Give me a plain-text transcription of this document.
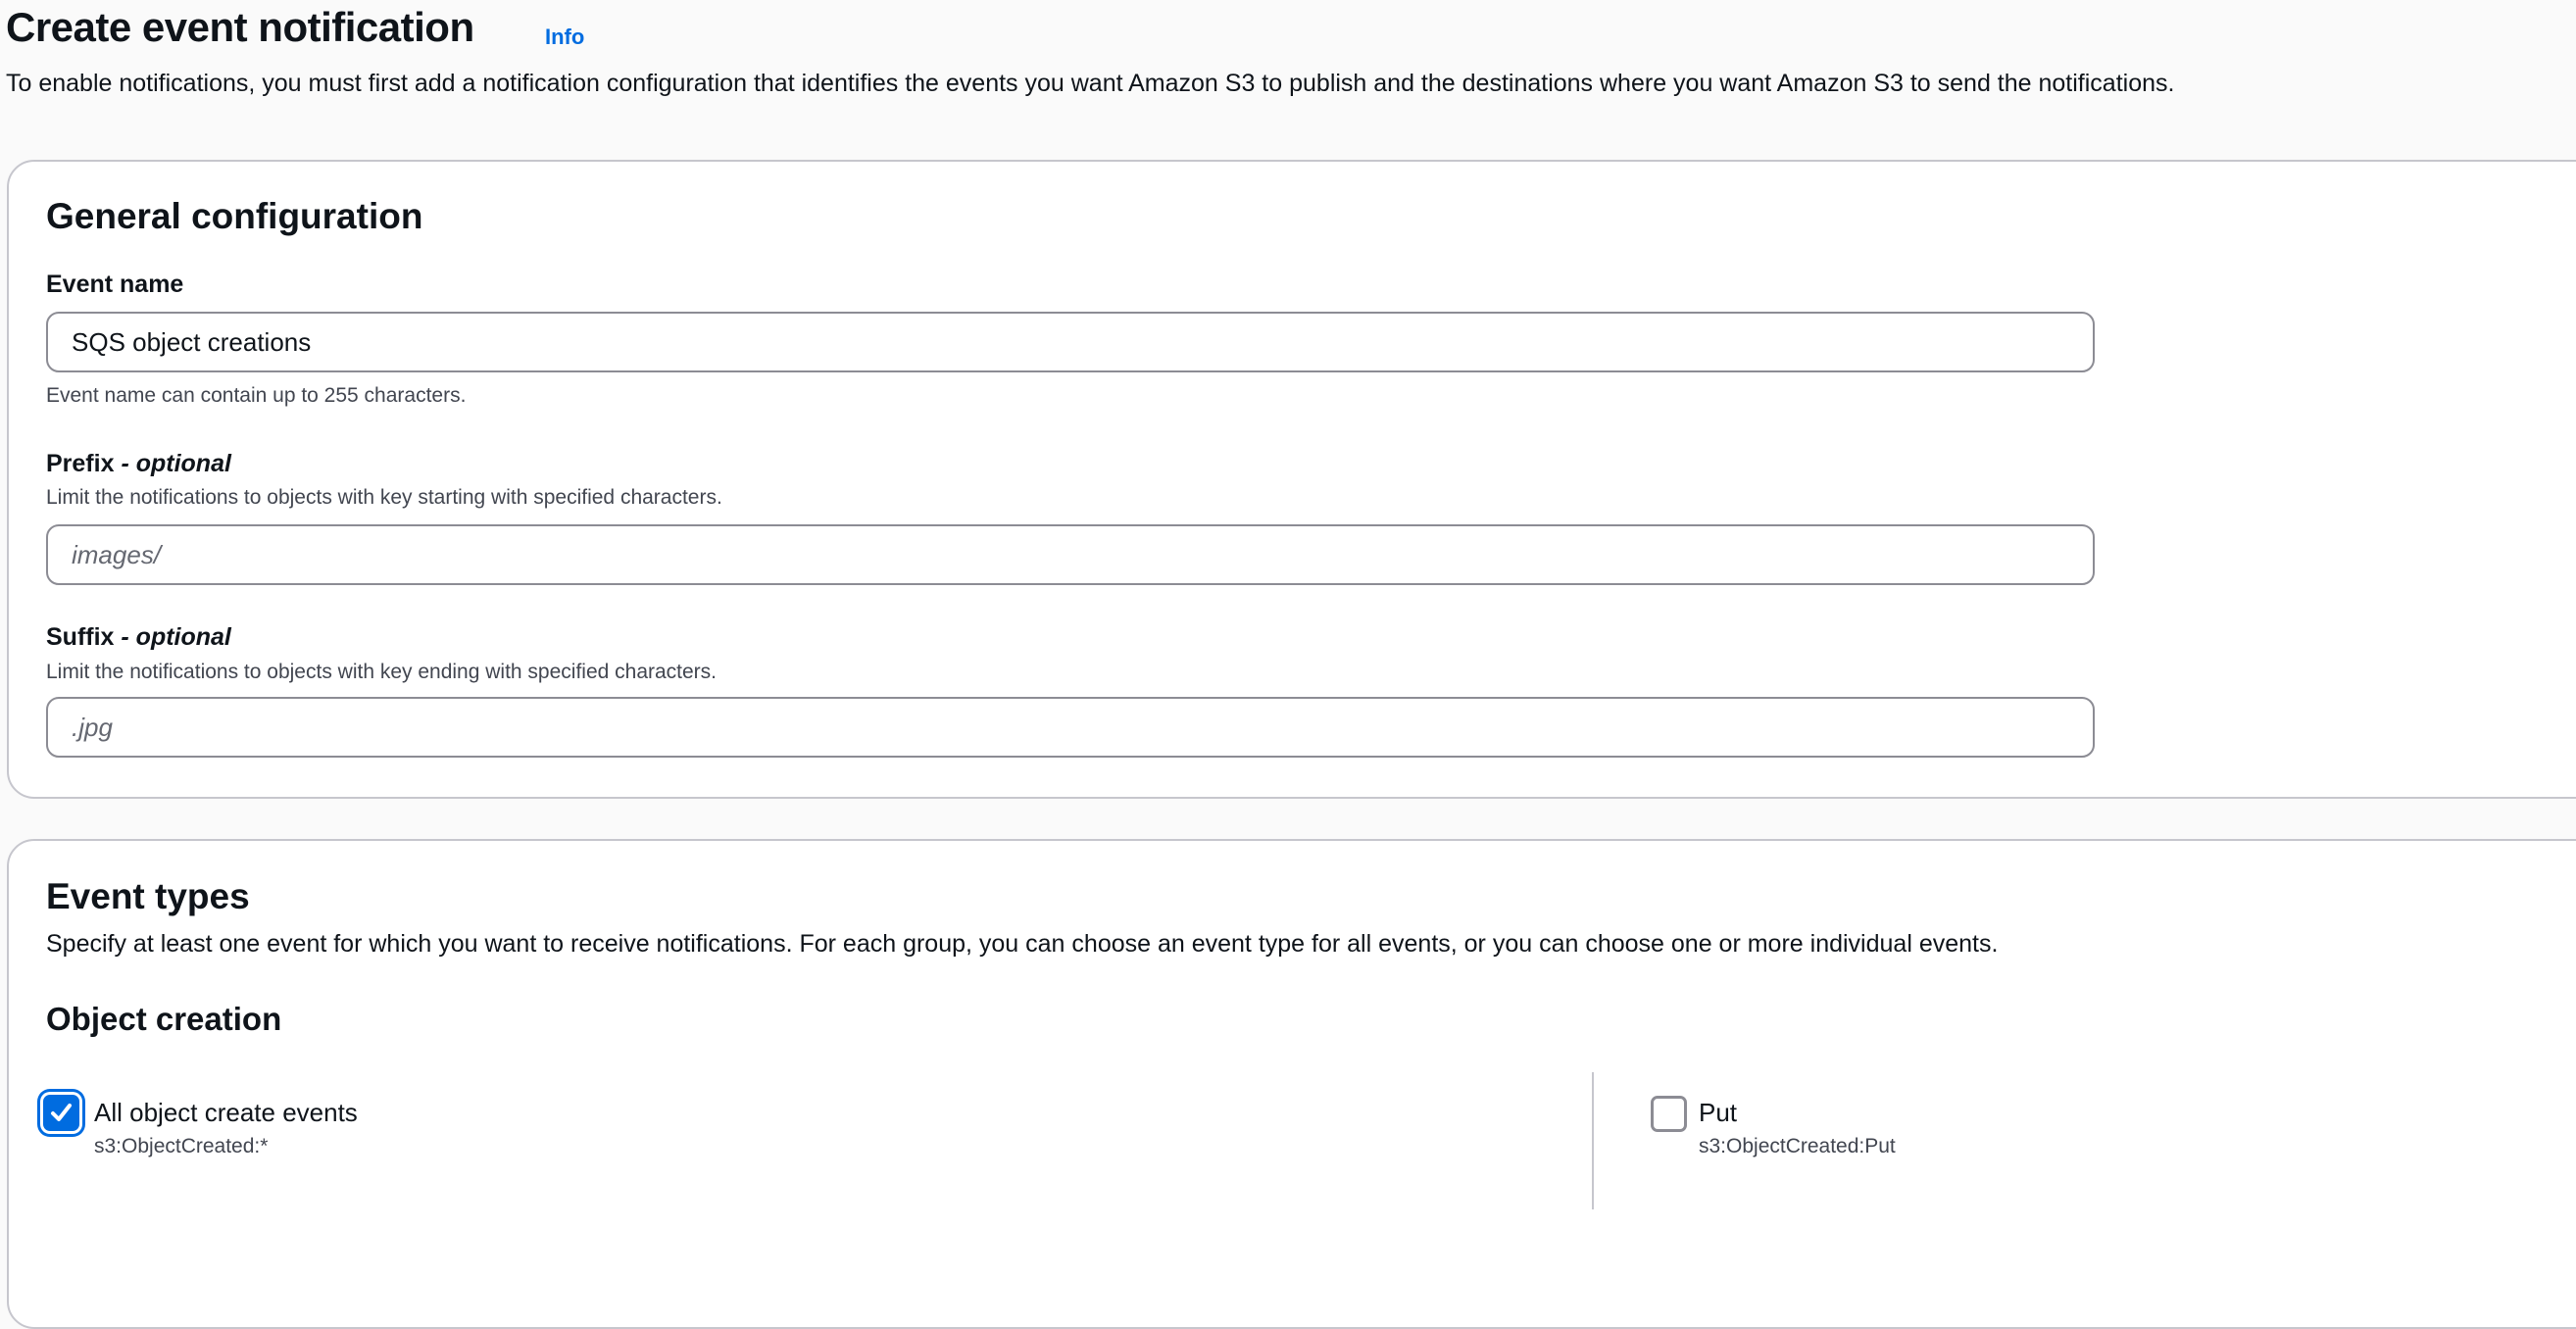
Create event notification	Info
To enable notifications, you must first add a notification configuration that identifies the events you want Amazon S3 to publish and the destinations where you want Amazon S3 to send the notifications.
General configuration
Event name
SQS object creations
Event name can contain up to 255 characters.
Prefix - optional
Limit the notifications to objects with key starting with specified characters.
images/
Suffix - optional
Limit the notifications to objects with key ending with specified characters.
.jpg
Event types
Specify at least one event for which you want to receive notifications. For each group, you can choose an event type for all events, or you can choose one or more individual events.
Object creation
All object create events
s3:ObjectCreated:*
Put
s3:ObjectCreated:Put
